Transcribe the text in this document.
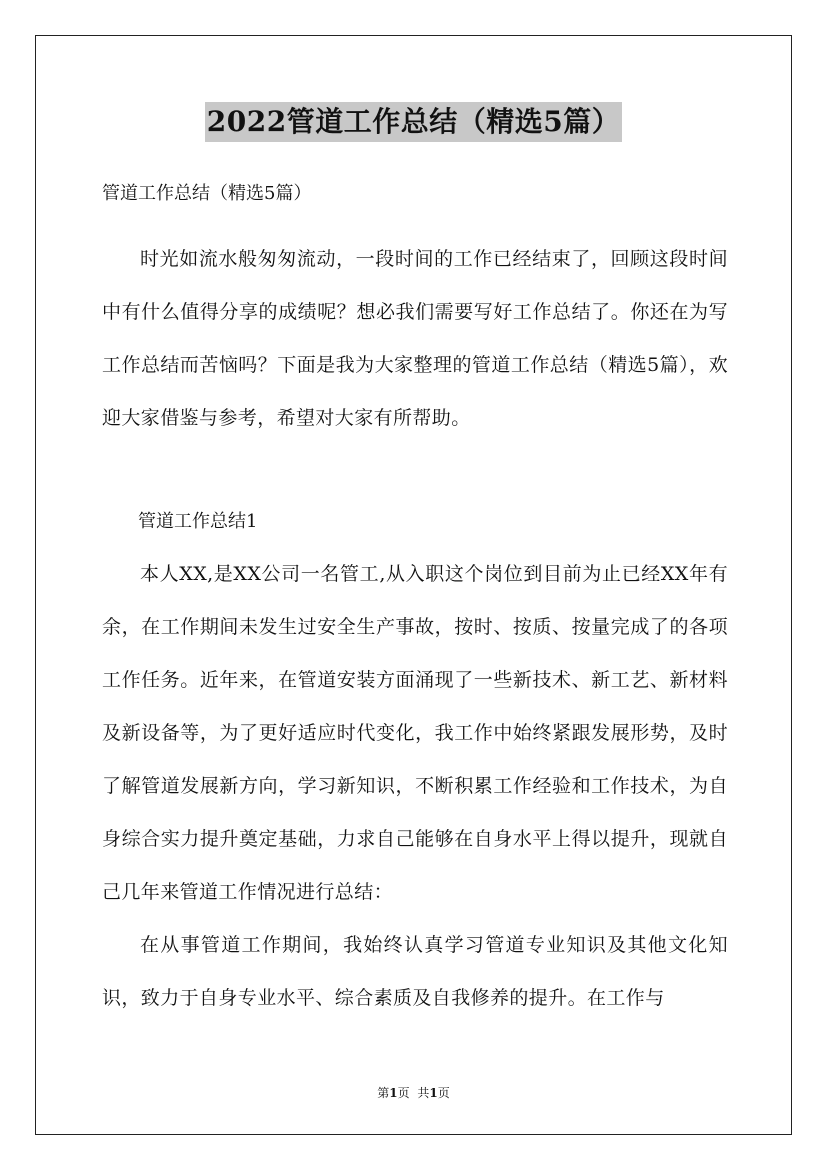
2022管道工作总结（精选5篇）

管道工作总结（精选5篇）

时光如流水般匆匆流动，一段时间的工作已经结束了，回顾这段时间中有什么值得分享的成绩呢？想必我们需要写好工作总结了。你还在为写工作总结而苦恼吗？下面是我为大家整理的管道工作总结（精选5篇），欢迎大家借鉴与参考，希望对大家有所帮助。

管道工作总结1

本人XX,是XX公司一名管工,从入职这个岗位到目前为止已经XX年有余，在工作期间未发生过安全生产事故，按时、按质、按量完成了的各项工作任务。近年来，在管道安装方面涌现了一些新技术、新工艺、新材料及新设备等，为了更好适应时代变化，我工作中始终紧跟发展形势，及时了解管道发展新方向，学习新知识，不断积累工作经验和工作技术，为自身综合实力提升奠定基础，力求自己能够在自身水平上得以提升，现就自己几年来管道工作情况进行总结：

在从事管道工作期间，我始终认真学习管道专业知识及其他文化知识，致力于自身专业水平、综合素质及自我修养的提升。在工作与

第1页 共1页
